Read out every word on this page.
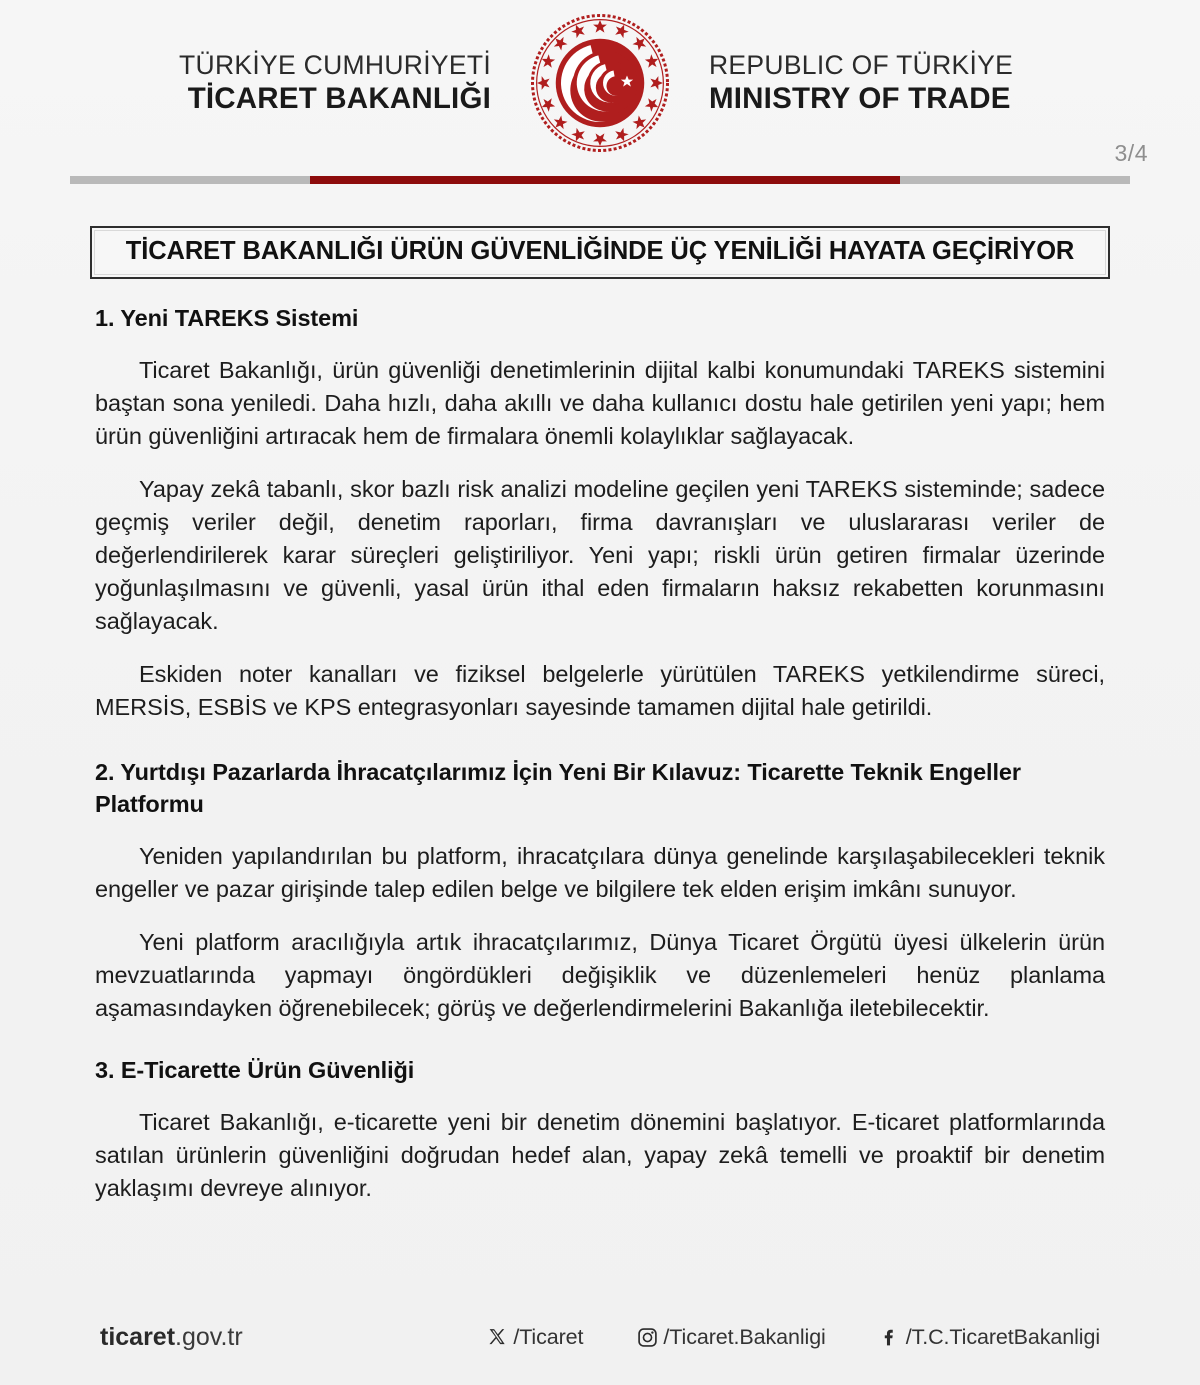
TÜRKİYE CUMHURİYETİ
TİCARET BAKANLIĞI
REPUBLIC OF TÜRKİYE
MINISTRY OF TRADE
3/4
TİCARET BAKANLIĞI ÜRÜN GÜVENLİĞİNDE ÜÇ YENİLİĞİ HAYATA GEÇİRİYOR
1. Yeni TAREKS Sistemi

Ticaret Bakanlığı, ürün güvenliği denetimlerinin dijital kalbi konumundaki TAREKS sistemini baştan sona yeniledi. Daha hızlı, daha akıllı ve daha kullanıcı dostu hale getirilen yeni yapı; hem ürün güvenliğini artıracak hem de firmalara önemli kolaylıklar sağlayacak.

Yapay zekâ tabanlı, skor bazlı risk analizi modeline geçilen yeni TAREKS sisteminde; sadece geçmiş veriler değil, denetim raporları, firma davranışları ve uluslararası veriler de değerlendirilerek karar süreçleri geliştiriliyor. Yeni yapı; riskli ürün getiren firmalar üzerinde yoğunlaşılmasını ve güvenli, yasal ürün ithal eden firmaların haksız rekabetten korunmasını sağlayacak.

Eskiden noter kanalları ve fiziksel belgelerle yürütülen TAREKS yetkilendirme süreci, MERSİS, ESBİS ve KPS entegrasyonları sayesinde tamamen dijital hale getirildi.

2. Yurtdışı Pazarlarda İhracatçılarımız İçin Yeni Bir Kılavuz: Ticarette Teknik Engeller Platformu

Yeniden yapılandırılan bu platform, ihracatçılara dünya genelinde karşılaşabilecekleri teknik engeller ve pazar girişinde talep edilen belge ve bilgilere tek elden erişim imkânı sunuyor.

Yeni platform aracılığıyla artık ihracatçılarımız, Dünya Ticaret Örgütü üyesi ülkelerin ürün mevzuatlarında yapmayı öngördükleri değişiklik ve düzenlemeleri henüz planlama aşamasındayken öğrenebilecek; görüş ve değerlendirmelerini Bakanlığa iletebilecektir.

3. E-Ticarette Ürün Güvenliği

Ticaret Bakanlığı, e-ticarette yeni bir denetim dönemini başlatıyor. E-ticaret platformlarında satılan ürünlerin güvenliğini doğrudan hedef alan, yapay zekâ temelli ve proaktif bir denetim yaklaşımı devreye alınıyor.

ticaret.gov.tr	/Ticaret	/Ticaret.Bakanligi	/T.C.TicaretBakanligi
